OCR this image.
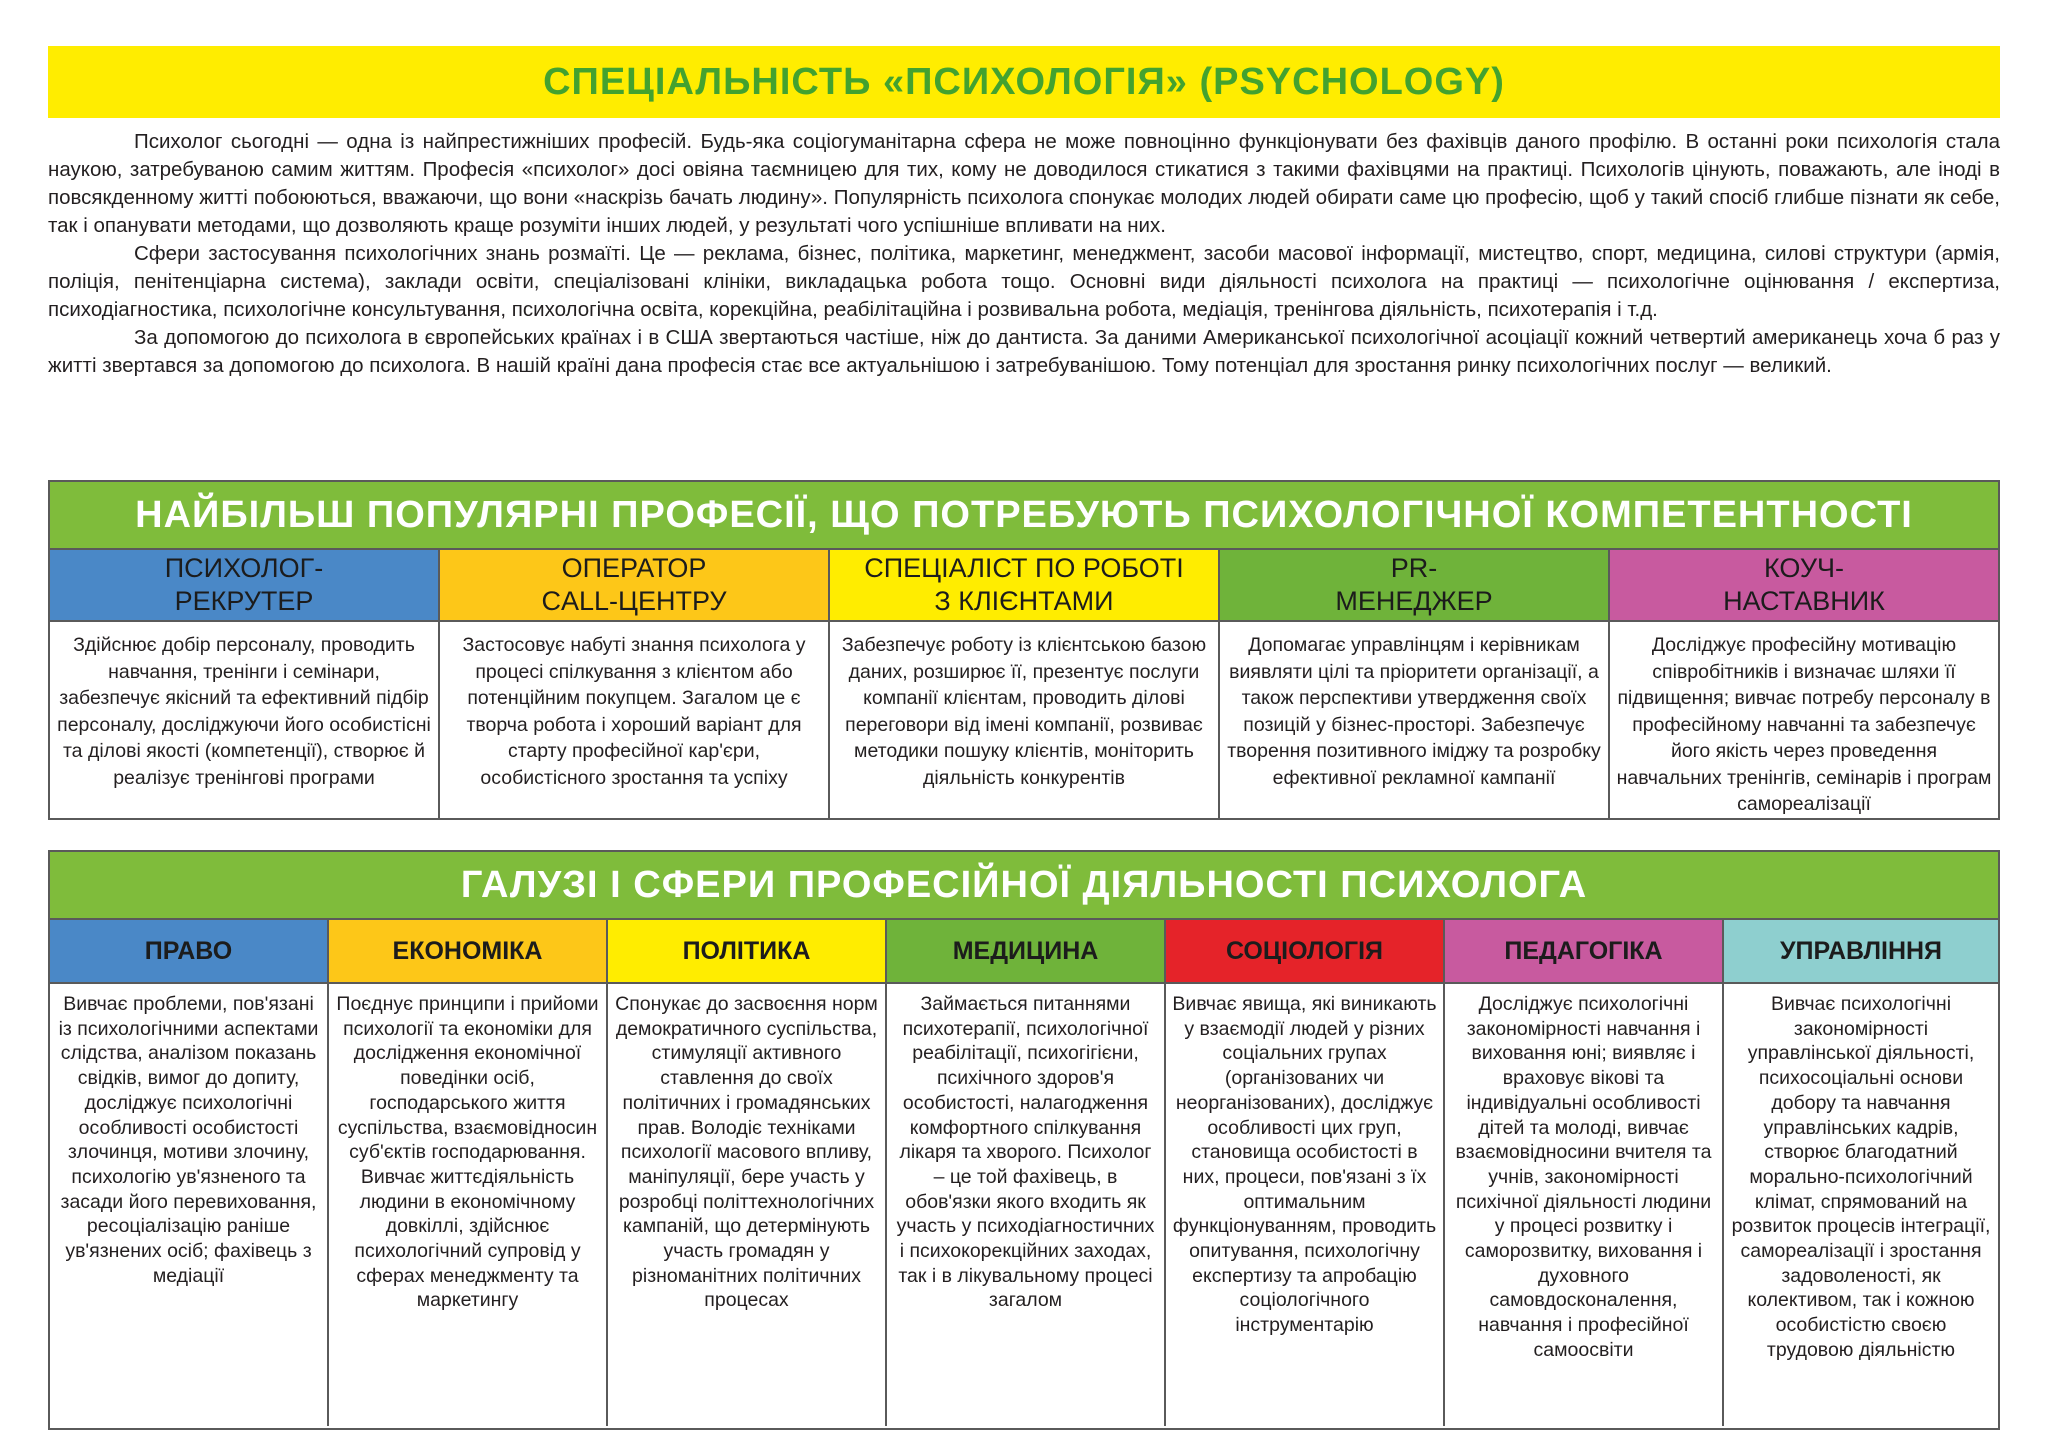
СПЕЦІАЛЬНІСТЬ «ПСИХОЛОГІЯ» (PSYCHOLOGY)

Психолог сьогодні — одна із найпрестижніших професій. Будь-яка соціогуманітарна сфера не може повноцінно функціонувати без фахівців даного профілю. В останні роки психологія стала наукою, затребуваною самим життям. Професія «психолог» досі овіяна таємницею для тих, кому не доводилося стикатися з такими фахівцями на практиці. Психологів цінують, поважають, але іноді в повсякденному житті побоюються, вважаючи, що вони «наскрізь бачать людину». Популярність психолога спонукає молодих людей обирати саме цю професію, щоб у такий спосіб глибше пізнати як себе, так і опанувати методами, що дозволяють краще розуміти інших людей, у результаті чого успішніше впливати на них.

Сфери застосування психологічних знань розмаїті. Це — реклама, бізнес, політика, маркетинг, менеджмент, засоби масової інформації, мистецтво, спорт, медицина, силові структури (армія, поліція, пенітенціарна система), заклади освіти, спеціалізовані клініки, викладацька робота тощо. Основні види діяльності психолога на практиці — психологічне оцінювання / експертиза, психодіагностика, психологічне консультування, психологічна освіта, корекційна, реабілітаційна і розвивальна робота, медіація, тренінгова діяльність, психотерапія і т.д.

За допомогою до психолога в європейських країнах і в США звертаються частіше, ніж до дантиста. За даними Американської психологічної асоціації кожний четвертий американець хоча б раз у житті звертався за допомогою до психолога. В нашій країні дана професія стає все актуальнішою і затребуванішою. Тому потенціал для зростання ринку психологічних послуг — великий.

НАЙБІЛЬШ ПОПУЛЯРНІ ПРОФЕСІЇ, ЩО ПОТРЕБУЮТЬ ПСИХОЛОГІЧНОЇ КОМПЕТЕНТНОСТІ
ПСИХОЛОГ-
РЕКРУТЕР
Здійснює добір персоналу, проводить навчання, тренінги і семінари, забезпечує якісний та ефективний підбір персоналу, досліджуючи його особистісні та ділові якості (компетенції), створює й реалізує тренінгові програми
ОПЕРАТОР
CALL-ЦЕНТРУ
Застосовує набуті знання психолога у процесі спілкування з клієнтом або потенційним покупцем. Загалом це є творча робота і хороший варіант для старту професійної кар'єри, особистісного зростання та успіху
СПЕЦІАЛІСТ ПО РОБОТІ
З КЛІЄНТАМИ
Забезпечує роботу із клієнтською базою даних, розширює її, презентує послуги компанії клієнтам, проводить ділові переговори від імені компанії, розвиває методики пошуку клієнтів, моніторить діяльність конкурентів
PR-
МЕНЕДЖЕР
Допомагає управлінцям і керівникам виявляти цілі та пріоритети організації, а також перспективи утвердження своїх позицій у бізнес-просторі. Забезпечує творення позитивного іміджу та розробку ефективної рекламної кампанії
КОУЧ-
НАСТАВНИК
Досліджує професійну мотивацію співробітників і визначає шляхи її підвищення; вивчає потребу персоналу в професійному навчанні та забезпечує його якість через проведення навчальних тренінгів, семінарів і програм самореалізації
ГАЛУЗІ І СФЕРИ ПРОФЕСІЙНОЇ ДІЯЛЬНОСТІ ПСИХОЛОГА
ПРАВО
Вивчає проблеми, пов'язані із психологічними аспектами слідства, аналізом показань свідків, вимог до допиту, досліджує психологічні особливості особистості злочинця, мотиви злочину, психологію ув'язненого та засади його перевиховання, ресоціалізацію раніше ув'язнених осіб; фахівець з медіації
ЕКОНОМІКА
Поєднує принципи і прийоми психології та економіки для дослідження економічної поведінки осіб, господарського життя суспільства, взаємовідносин суб'єктів господарювання. Вивчає життєдіяльність людини в економічному довкіллі, здійснює психологічний супровід у сферах менеджменту та маркетингу
ПОЛІТИКА
Спонукає до засвоєння норм демократичного суспільства, стимуляції активного ставлення до своїх політичних і громадянських прав. Володіє техніками психології масового впливу, маніпуляції, бере участь у розробці політтехнологічних кампаній, що детермінують участь громадян у різноманітних політичних процесах
МЕДИЦИНА
Займається питаннями психотерапії, психологічної реабілітації, психогігієни, психічного здоров'я особистості, налагодження комфортного спілкування лікаря та хворого. Психолог – це той фахівець, в обов'язки якого входить як участь у психодіагностичних і психокорекційних заходах, так і в лікувальному процесі загалом
СОЦІОЛОГІЯ
Вивчає явища, які виникають у взаємодії людей у різних соціальних групах (організованих чи неорганізованих), досліджує особливості цих груп, становища особистості в них, процеси, пов'язані з їх оптимальним функціонуванням, проводить опитування, психологічну експертизу та апробацію соціологічного інструментарію
ПЕДАГОГІКА
Досліджує психологічні закономірності навчання і виховання юні; виявляє і враховує вікові та індивідуальні особливості дітей та молоді, вивчає взаємовідносини вчителя та учнів, закономірності психічної діяльності людини у процесі розвитку і саморозвитку, виховання і духовного самовдосконалення, навчання і професійної самоосвіти
УПРАВЛІННЯ
Вивчає психологічні закономірності управлінської діяльності, психосоціальні основи добору та навчання управлінських кадрів, створює благодатний морально-психологічний клімат, спрямований на розвиток процесів інтеграції, самореалізації і зростання задоволеності, як колективом, так і кожною особистістю своєю трудовою діяльністю
